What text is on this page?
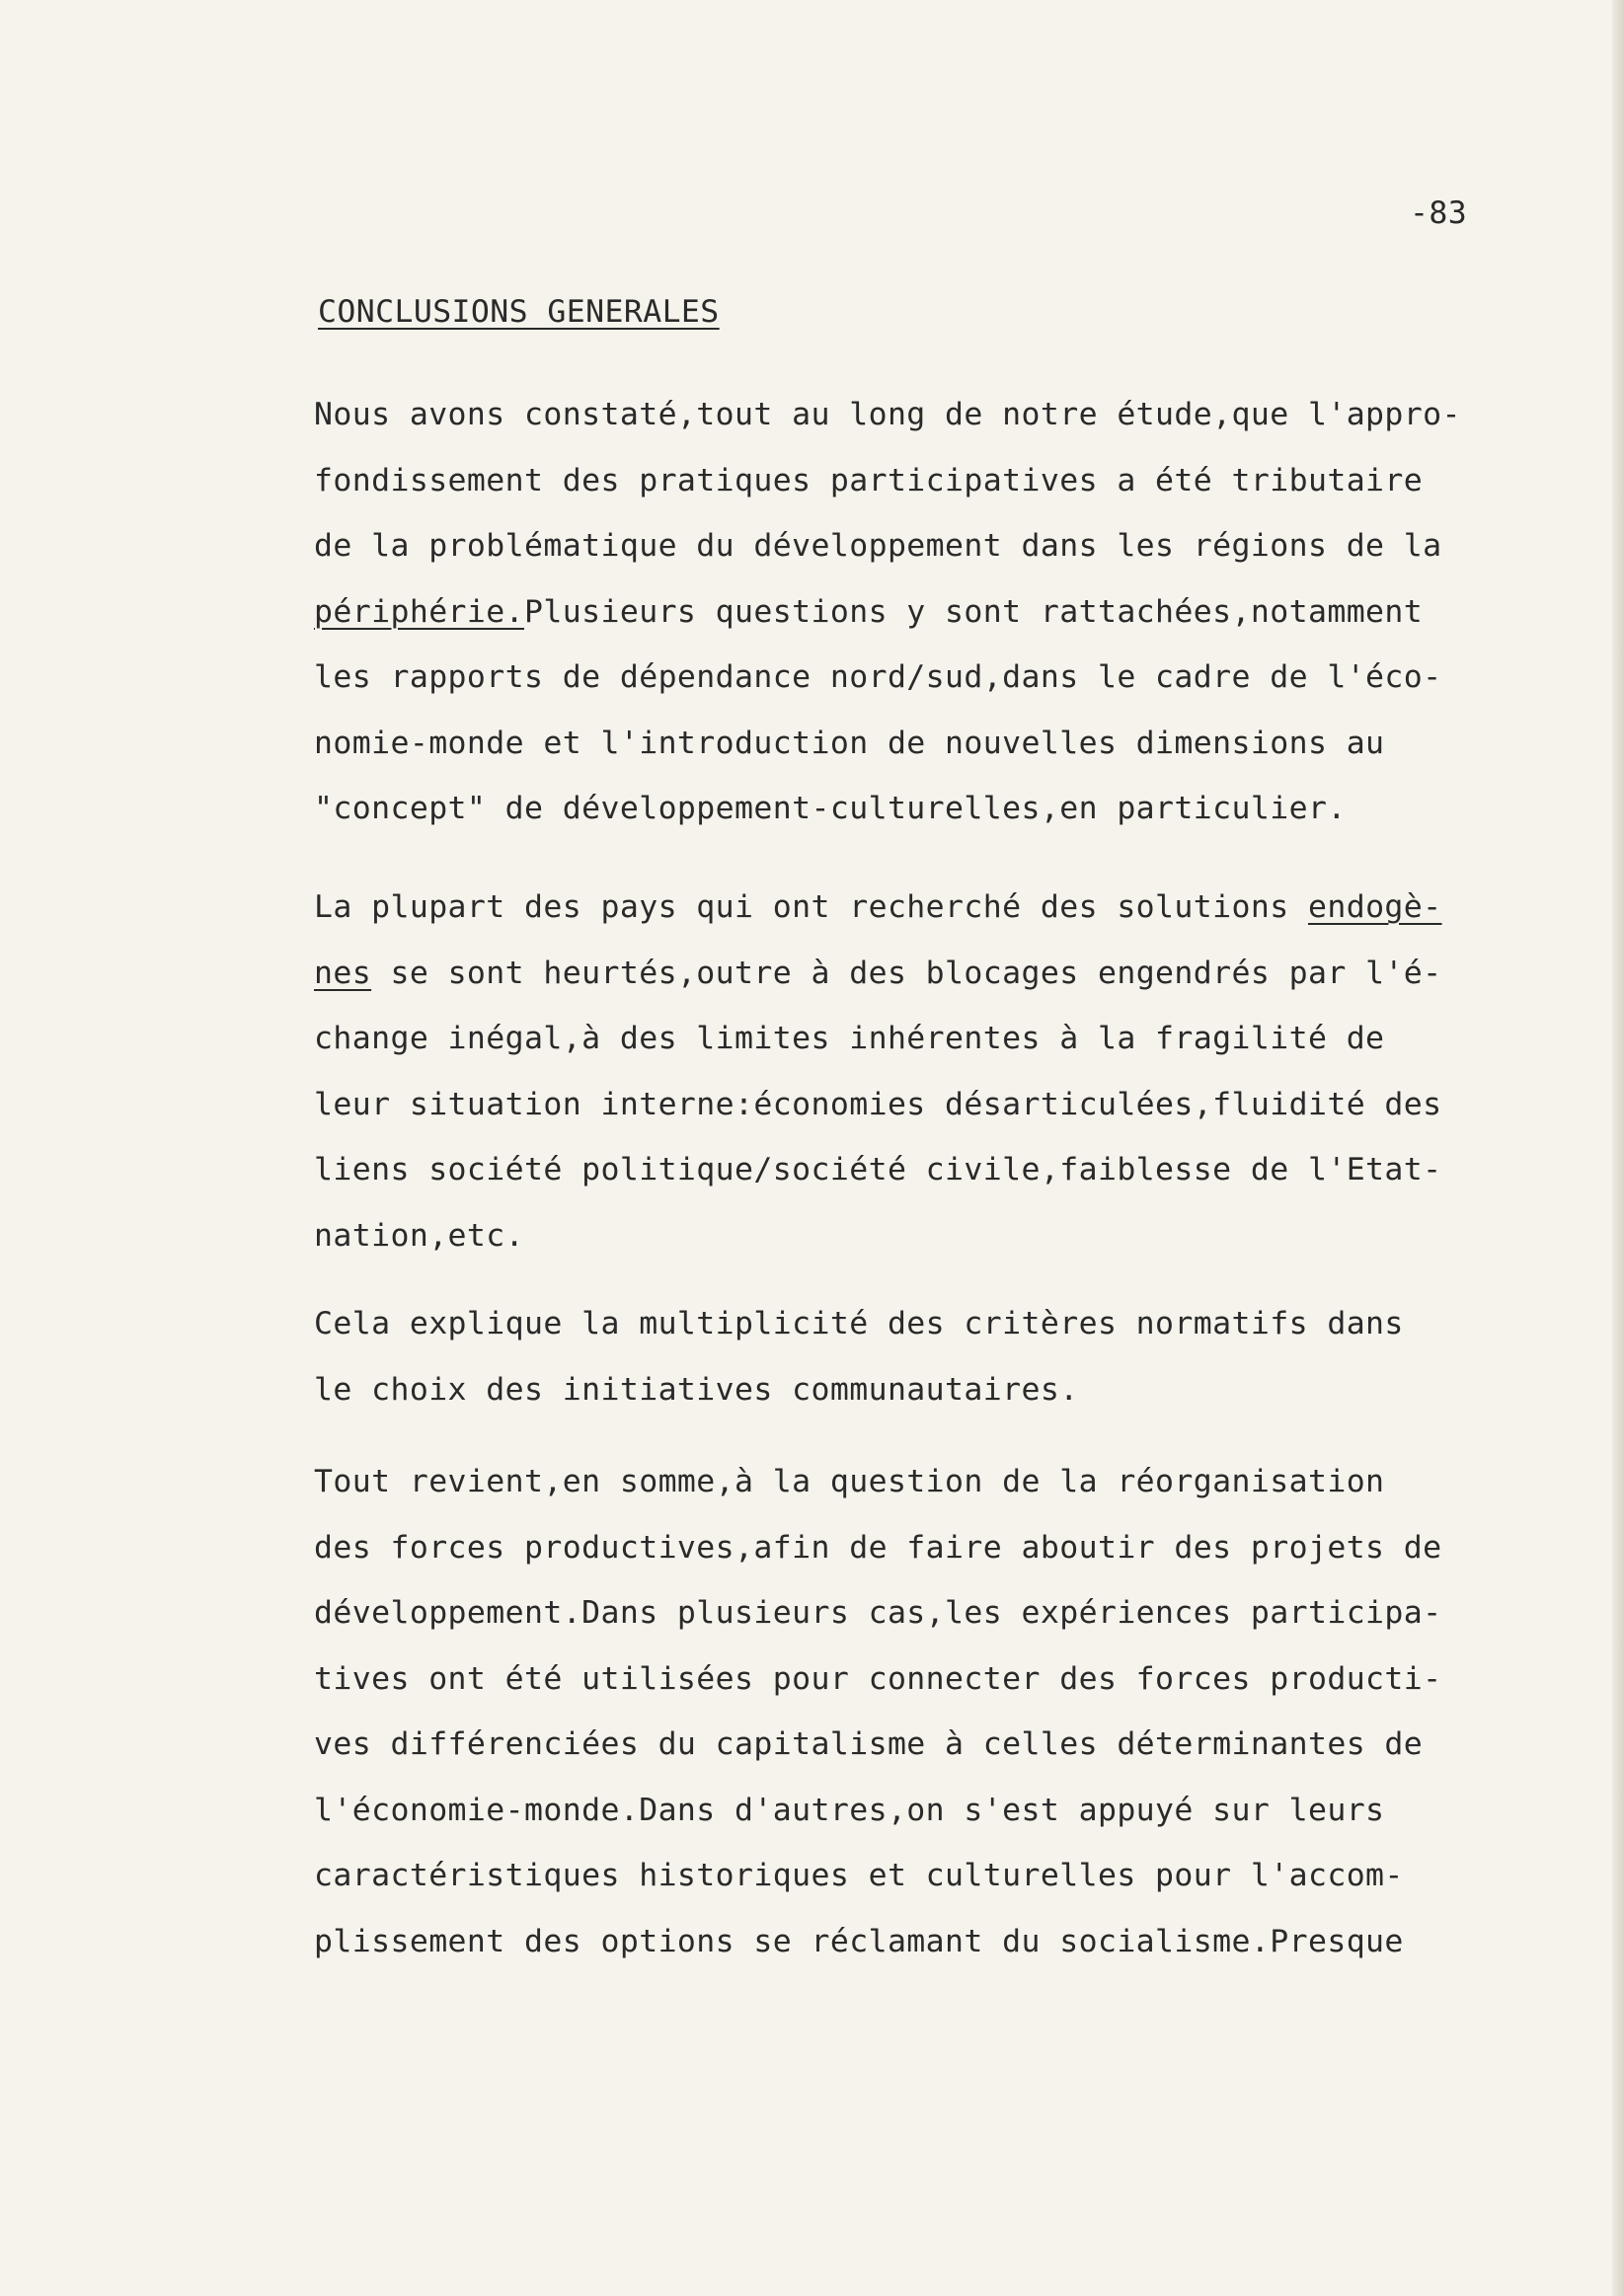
-83
CONCLUSIONS GENERALES
Nous avons constaté,tout au long de notre étude,que l'appro-
fondissement des pratiques participatives a été tributaire
de la problématique du développement dans les régions de la
périphérie.Plusieurs questions y sont rattachées,notamment
les rapports de dépendance nord/sud,dans le cadre de l'éco-
nomie-monde et l'introduction de nouvelles dimensions au
"concept" de développement-culturelles,en particulier.
La plupart des pays qui ont recherché des solutions endogè-
nes se sont heurtés,outre à des blocages engendrés par l'é-
change inégal,à des limites inhérentes à la fragilité de
leur situation interne:économies désarticulées,fluidité des
liens société politique/société civile,faiblesse de l'Etat-
nation,etc.
Cela explique la multiplicité des critères normatifs dans
le choix des initiatives communautaires.
Tout revient,en somme,à la question de la réorganisation
des forces productives,afin de faire aboutir des projets de
développement.Dans plusieurs cas,les expériences participa-
tives ont été utilisées pour connecter des forces producti-
ves différenciées du capitalisme à celles déterminantes de
l'économie-monde.Dans d'autres,on s'est appuyé sur leurs
caractéristiques historiques et culturelles pour l'accom-
plissement des options se réclamant du socialisme.Presque
